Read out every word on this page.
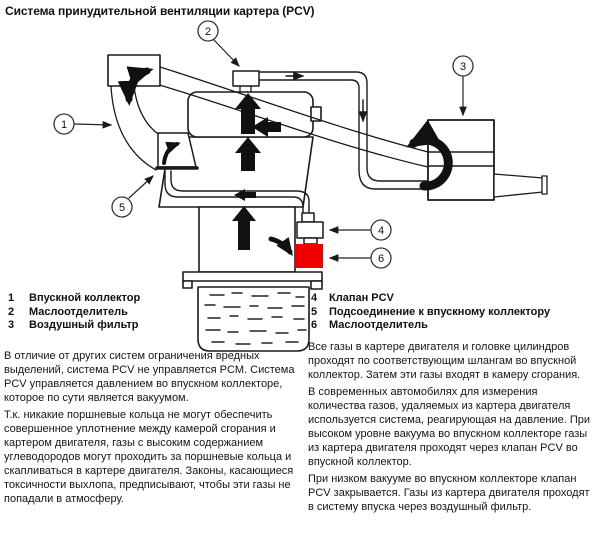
Система принудительной вентиляции картера (PCV)
1
2
3
4
5
6
1 Впускной коллектор
2 Маслоотделитель
3 Воздушный фильтр
4 Клапан PCV
5 Подсоединение к впускному коллектору
6 Маслоотделитель

В отличие от других систем ограничения вредных выделений, система PCV не управляется PCM. Система PCV управляется давлением во впускном коллекторе, которое по сути является вакуумом.

Т.к. никакие поршневые кольца не могут обеспечить совершенное уплотнение между камерой сгорания и картером двигателя, газы с высоким содержанием углеводородов могут проходить за поршневые кольца и скапливаться в картере двигателя. Законы, касающиеся токсичности выхлопа, предписывают, чтобы эти газы не попадали в атмосферу.

Все газы в картере двигателя и головке цилиндров проходят по соответствующим шлангам во впускной коллектор. Затем эти газы входят в камеру сгорания.

В современных автомобилях для измерения количества газов, удаляемых из картера двигателя используется система, реагирующая на давление. При высоком уровне вакуума во впускном коллекторе газы из картера двигателя проходят через клапан PCV во впускной коллектор.

При низком вакууме во впускном коллекторе клапан PCV закрывается. Газы из картера двигателя проходят в систему впуска через воздушный фильтр.
